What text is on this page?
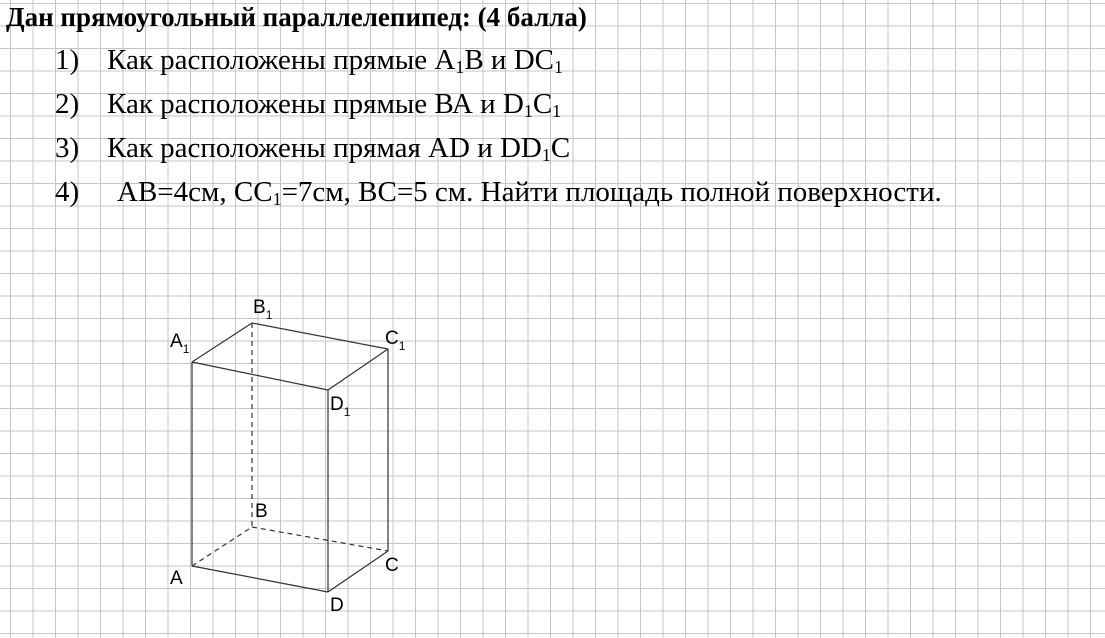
Дан прямоугольный параллелепипед: (4 балла)
1) Как расположены прямые $А_1В$ и $DC_1$
2) Как расположены прямые ВА и $D_1C_1$
3) Как расположены прямая AD и $DD_1C$
4)	AB=4см, $CC_1=7см$, BC=5 см. Найти площадь полной поверхности.
$A_1$
$B_1$
$C_1$
$D_1$
B
A
C
D
